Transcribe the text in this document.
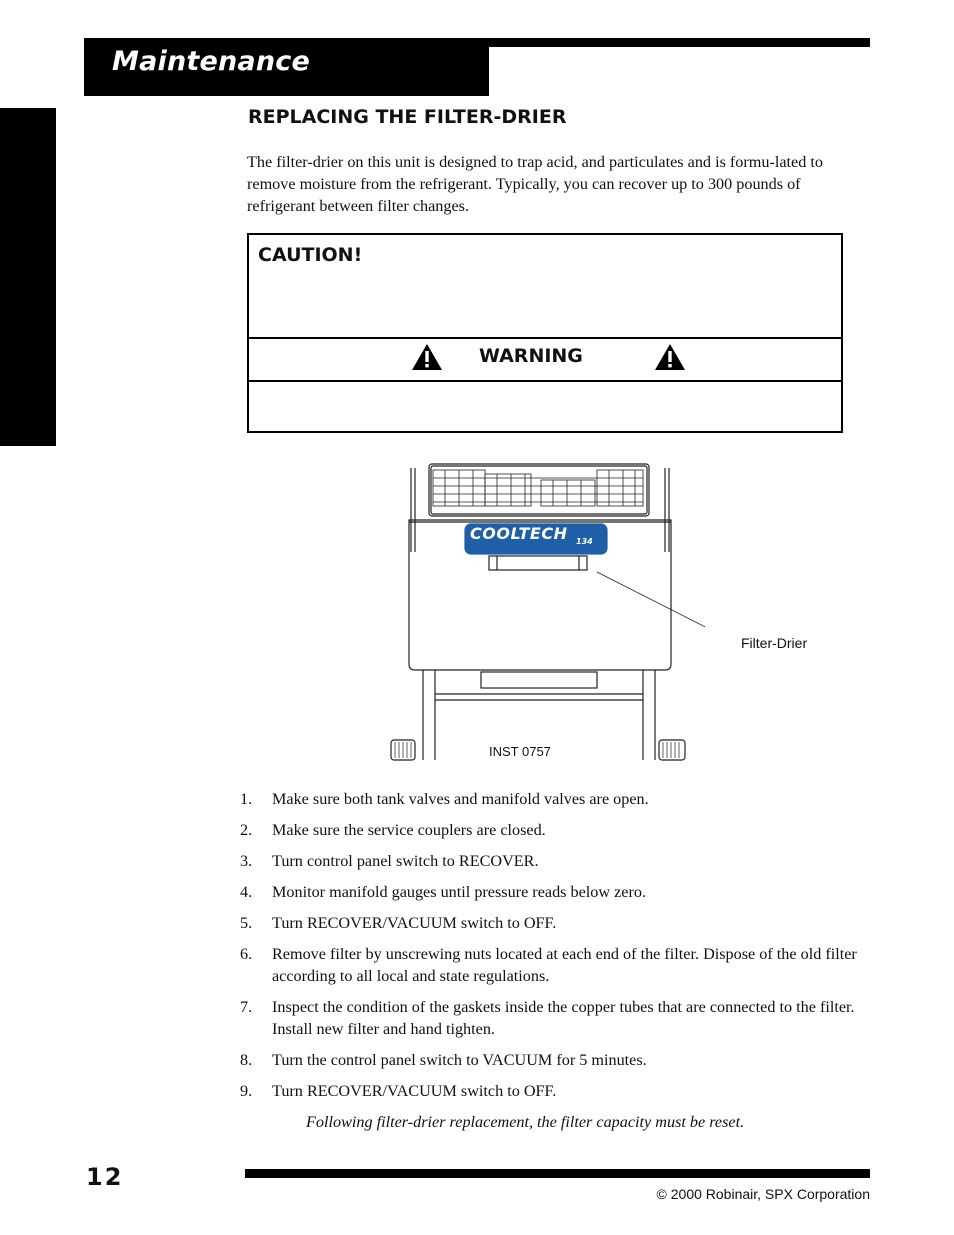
Maintenance
REPLACING THE FILTER-DRIER

The filter-drier on this unit is designed to trap acid, and particulates and is formu-lated to remove moisture from the refrigerant. Typically, you can recover up to 300 pounds of refrigerant between filter changes.

CAUTION!
WARNING
COOLTECH 134
Filter-Drier
INST 0757
1. Make sure both tank valves and manifold valves are open.
2. Make sure the service couplers are closed.
3. Turn control panel switch to RECOVER.
4. Monitor manifold gauges until pressure reads below zero.
5. Turn RECOVER/VACUUM switch to OFF.
6. Remove filter by unscrewing nuts located at each end of the filter. Dispose of the old filter according to all local and state regulations.
7. Inspect the condition of the gaskets inside the copper tubes that are connected to the filter. Install new filter and hand tighten.
8. Turn the control panel switch to VACUUM for 5 minutes.
9. Turn RECOVER/VACUUM switch to OFF.
Following filter-drier replacement, the filter capacity must be reset.
12
© 2000 Robinair, SPX Corporation
